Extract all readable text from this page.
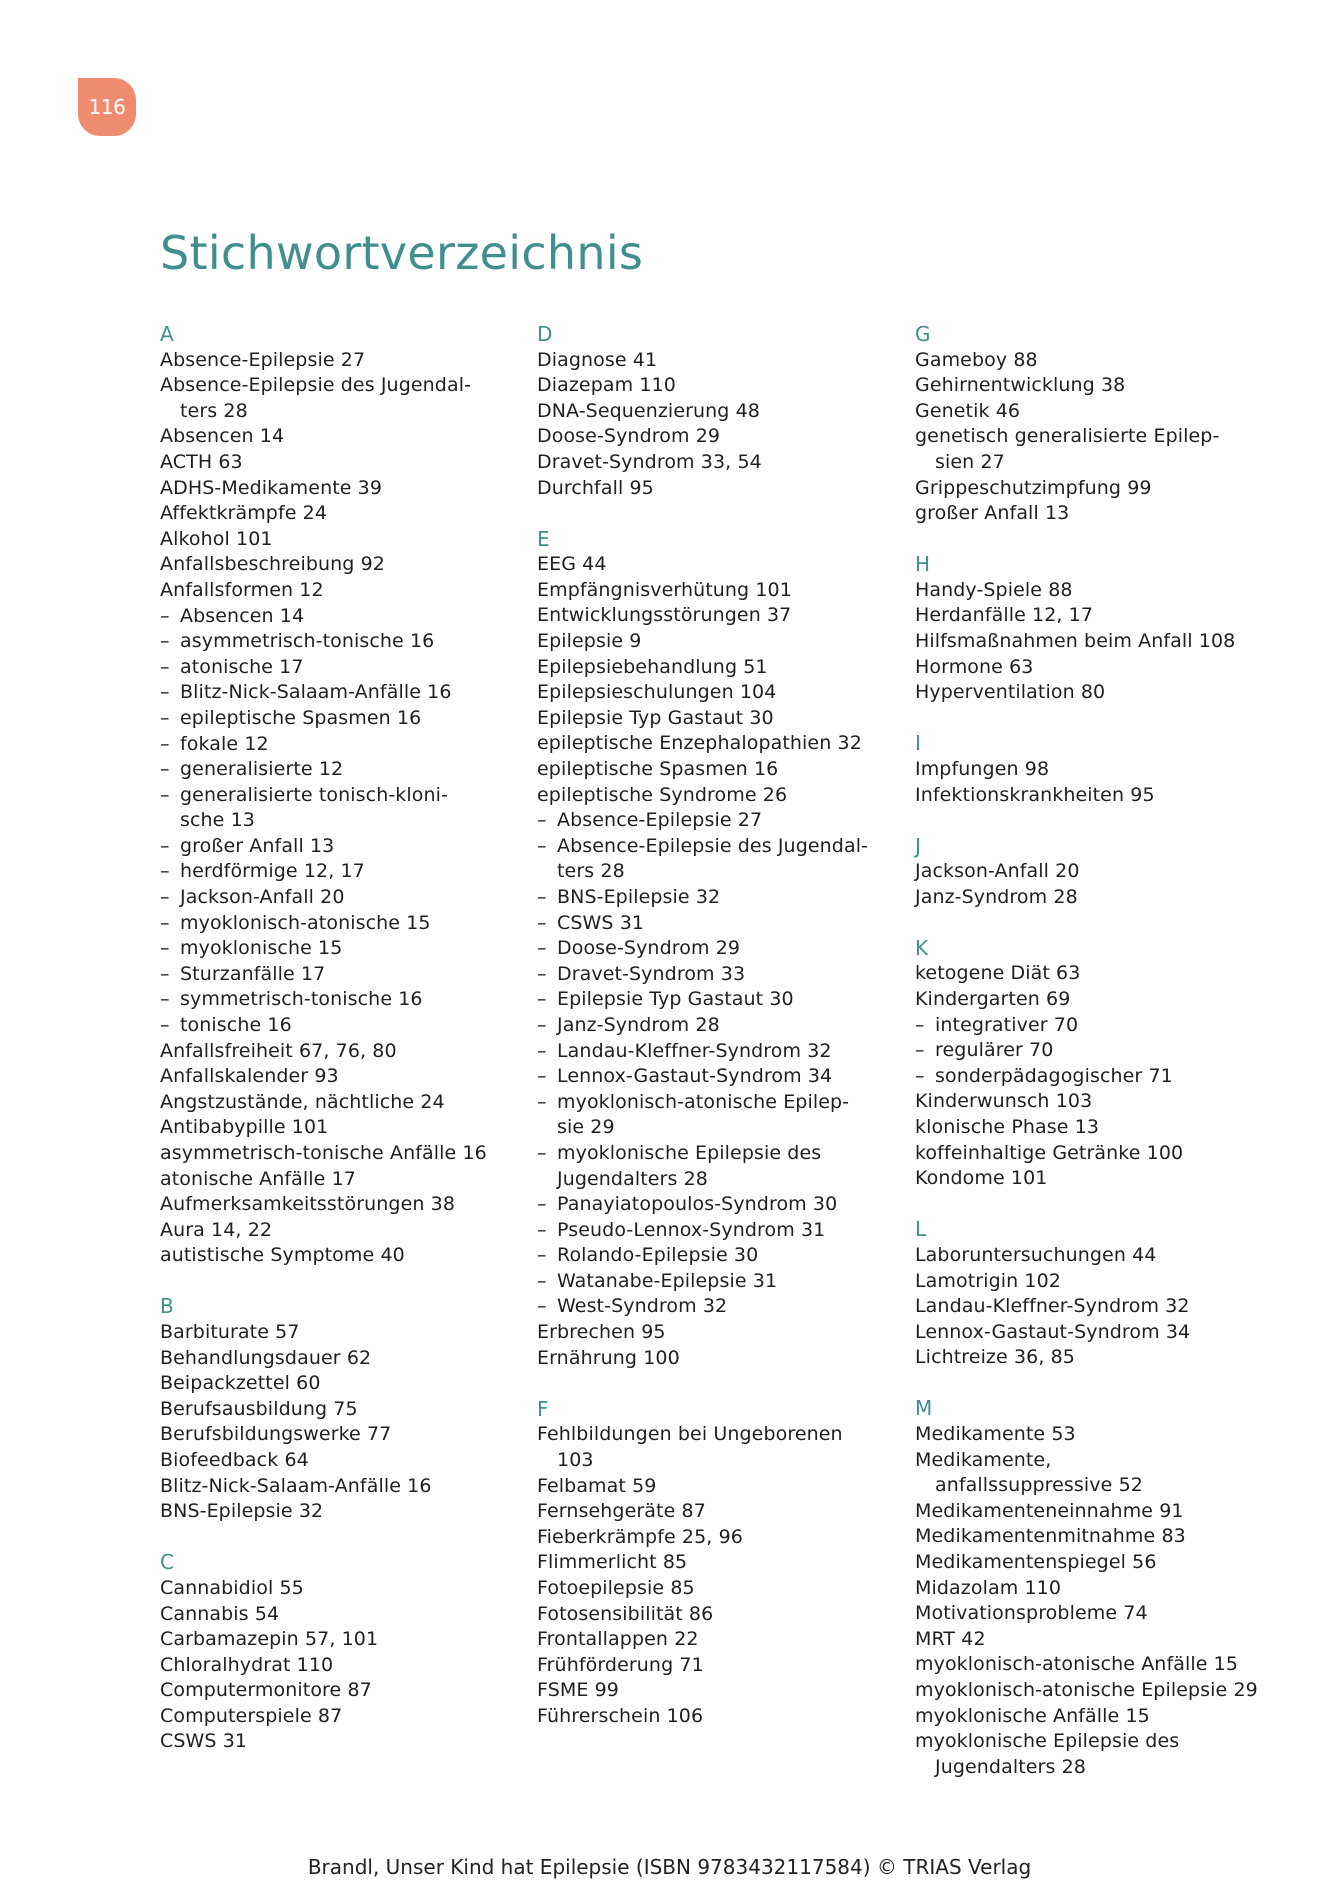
116
Stichwortverzeichnis
A
Absence-Epilepsie 27
Absence-Epilepsie des Jugendal-
ters 28
Absencen 14
ACTH 63
ADHS-Medikamente 39
Affektkrämpfe 24
Alkohol 101
Anfallsbeschreibung 92
Anfallsformen 12
– Absencen 14
– asymmetrisch-tonische 16
– atonische 17
– Blitz-Nick-Salaam-Anfälle 16
– epileptische Spasmen 16
– fokale 12
– generalisierte 12
– generalisierte tonisch-kloni-
sche 13
– großer Anfall 13
– herdförmige 12, 17
– Jackson-Anfall 20
– myoklonisch-atonische 15
– myoklonische 15
– Sturzanfälle 17
– symmetrisch-tonische 16
– tonische 16
Anfallsfreiheit 67, 76, 80
Anfallskalender 93
Angstzustände, nächtliche 24
Antibabypille 101
asymmetrisch-tonische Anfälle 16
atonische Anfälle 17
Aufmerksamkeitsstörungen 38
Aura 14, 22
autistische Symptome 40
B
Barbiturate 57
Behandlungsdauer 62
Beipackzettel 60
Berufsausbildung 75
Berufsbildungswerke 77
Biofeedback 64
Blitz-Nick-Salaam-Anfälle 16
BNS-Epilepsie 32
C
Cannabidiol 55
Cannabis 54
Carbamazepin 57, 101
Chloralhydrat 110
Computermonitore 87
Computerspiele 87
CSWS 31
D
Diagnose 41
Diazepam 110
DNA-Sequenzierung 48
Doose-Syndrom 29
Dravet-Syndrom 33, 54
Durchfall 95
E
EEG 44
Empfängnisverhütung 101
Entwicklungsstörungen 37
Epilepsie 9
Epilepsiebehandlung 51
Epilepsieschulungen 104
Epilepsie Typ Gastaut 30
epileptische Enzephalopathien 32
epileptische Spasmen 16
epileptische Syndrome 26
– Absence-Epilepsie 27
– Absence-Epilepsie des Jugendal-
ters 28
– BNS-Epilepsie 32
– CSWS 31
– Doose-Syndrom 29
– Dravet-Syndrom 33
– Epilepsie Typ Gastaut 30
– Janz-Syndrom 28
– Landau-Kleffner-Syndrom 32
– Lennox-Gastaut-Syndrom 34
– myoklonisch-atonische Epilep-
sie 29
– myoklonische Epilepsie des
Jugendalters 28
– Panayiatopoulos-Syndrom 30
– Pseudo-Lennox-Syndrom 31
– Rolando-Epilepsie 30
– Watanabe-Epilepsie 31
– West-Syndrom 32
Erbrechen 95
Ernährung 100
F
Fehlbildungen bei Ungeborenen
103
Felbamat 59
Fernsehgeräte 87
Fieberkrämpfe 25, 96
Flimmerlicht 85
Fotoepilepsie 85
Fotosensibilität 86
Frontallappen 22
Frühförderung 71
FSME 99
Führerschein 106
G
Gameboy 88
Gehirnentwicklung 38
Genetik 46
genetisch generalisierte Epilep-
sien 27
Grippeschutzimpfung 99
großer Anfall 13
H
Handy-Spiele 88
Herdanfälle 12, 17
Hilfsmaßnahmen beim Anfall 108
Hormone 63
Hyperventilation 80
I
Impfungen 98
Infektionskrankheiten 95
J
Jackson-Anfall 20
Janz-Syndrom 28
K
ketogene Diät 63
Kindergarten 69
– integrativer 70
– regulärer 70
– sonderpädagogischer 71
Kinderwunsch 103
klonische Phase 13
koffeinhaltige Getränke 100
Kondome 101
L
Laboruntersuchungen 44
Lamotrigin 102
Landau-Kleffner-Syndrom 32
Lennox-Gastaut-Syndrom 34
Lichtreize 36, 85
M
Medikamente 53
Medikamente,
anfallssuppressive 52
Medikamenteneinnahme 91
Medikamentenmitnahme 83
Medikamentenspiegel 56
Midazolam 110
Motivationsprobleme 74
MRT 42
myoklonisch-atonische Anfälle 15
myoklonisch-atonische Epilepsie 29
myoklonische Anfälle 15
myoklonische Epilepsie des
Jugendalters 28
Brandl, Unser Kind hat Epilepsie (ISBN 9783432117584) © TRIAS Verlag
